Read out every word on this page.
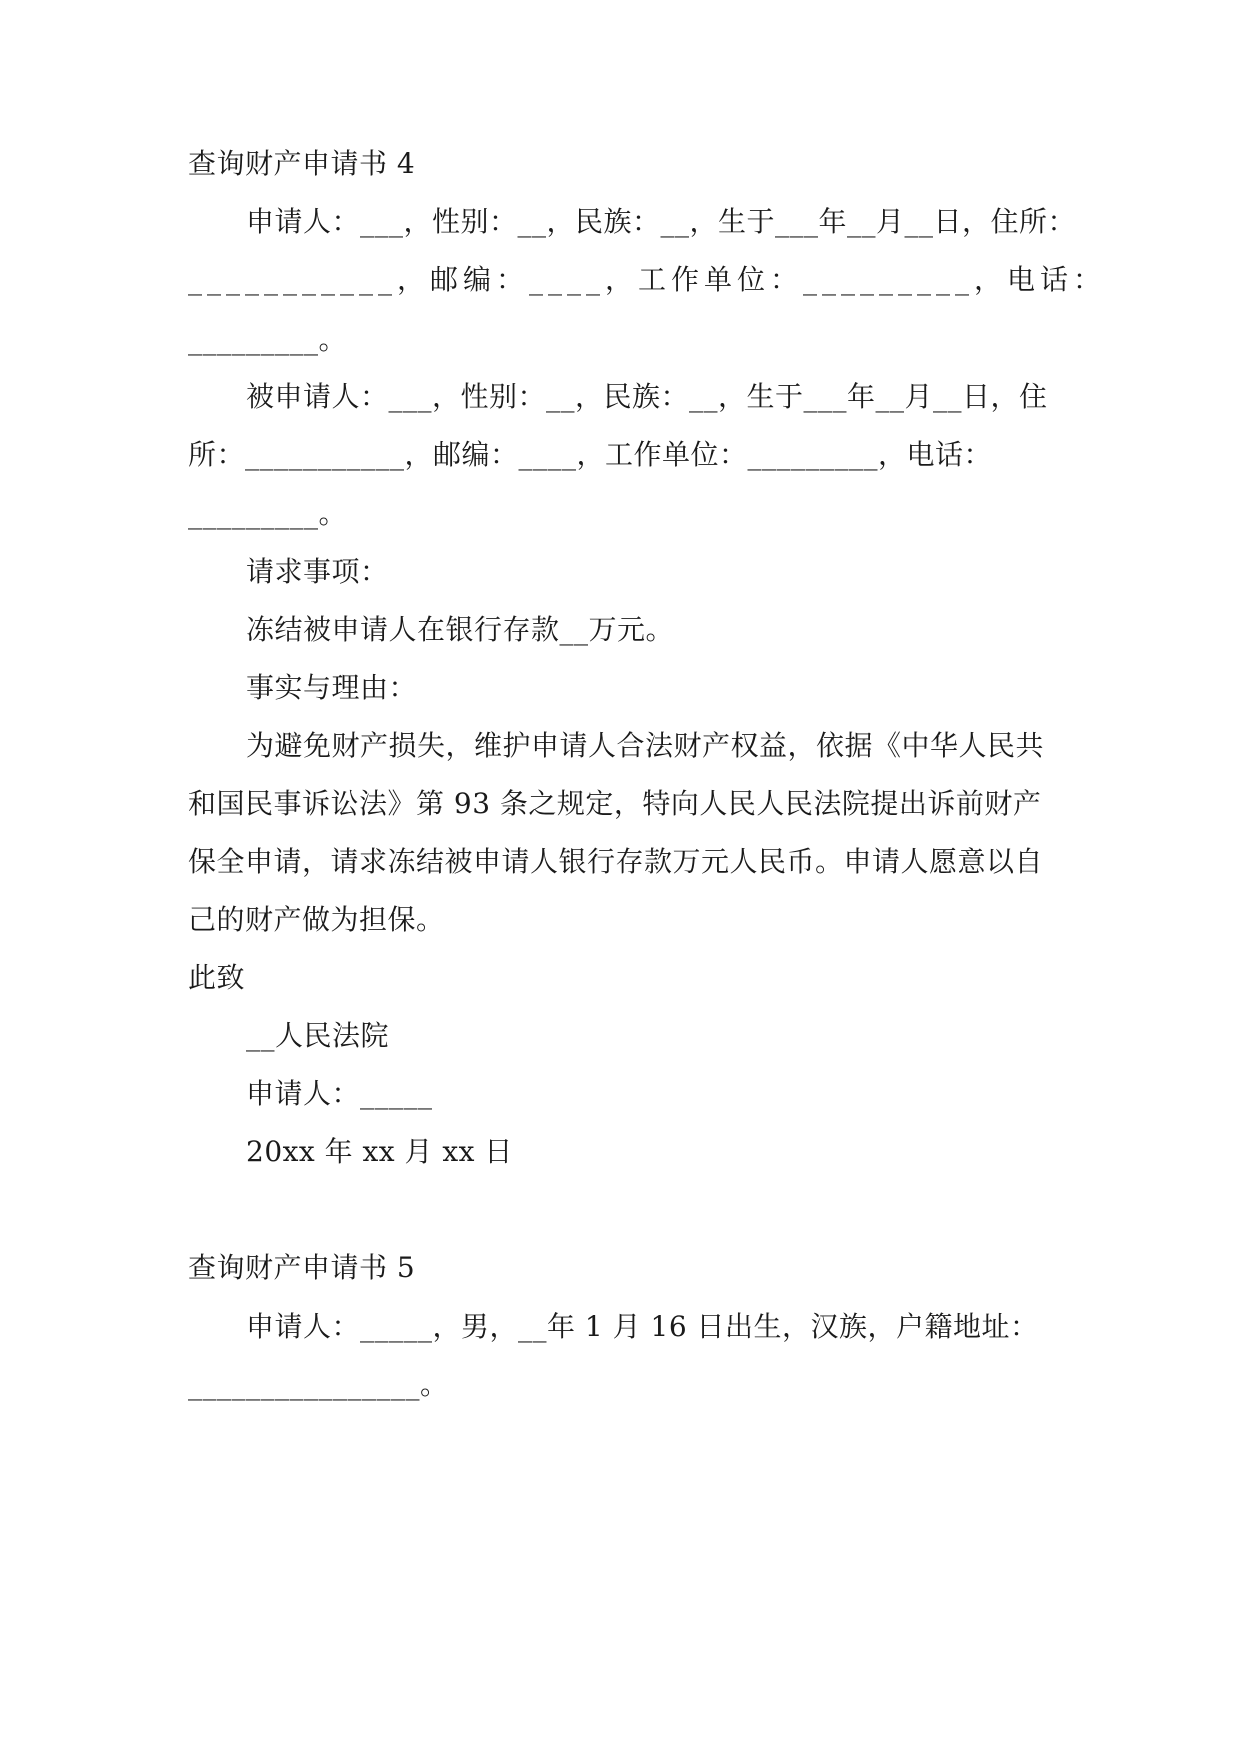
查询财产申请书 4
申请人：___，性别：__，民族：__，生于___年__月__日，住所：
___________，邮编：____，工作单位：_________，电话：
_________。
被申请人：___，性别：__，民族：__，生于___年__月__日，住
所：___________，邮编：____，工作单位：_________，电话：
_________。
请求事项：
冻结被申请人在银行存款__万元。
事实与理由：
为避免财产损失，维护申请人合法财产权益，依据《中华人民共
和国民事诉讼法》第 93 条之规定，特向人民人民法院提出诉前财产
保全申请，请求冻结被申请人银行存款万元人民币。申请人愿意以自
己的财产做为担保。
此致
__人民法院
申请人：_____
20xx 年 xx 月 xx 日
查询财产申请书 5
申请人：_____，男，__年 1 月 16 日出生，汉族，户籍地址：
________________。
